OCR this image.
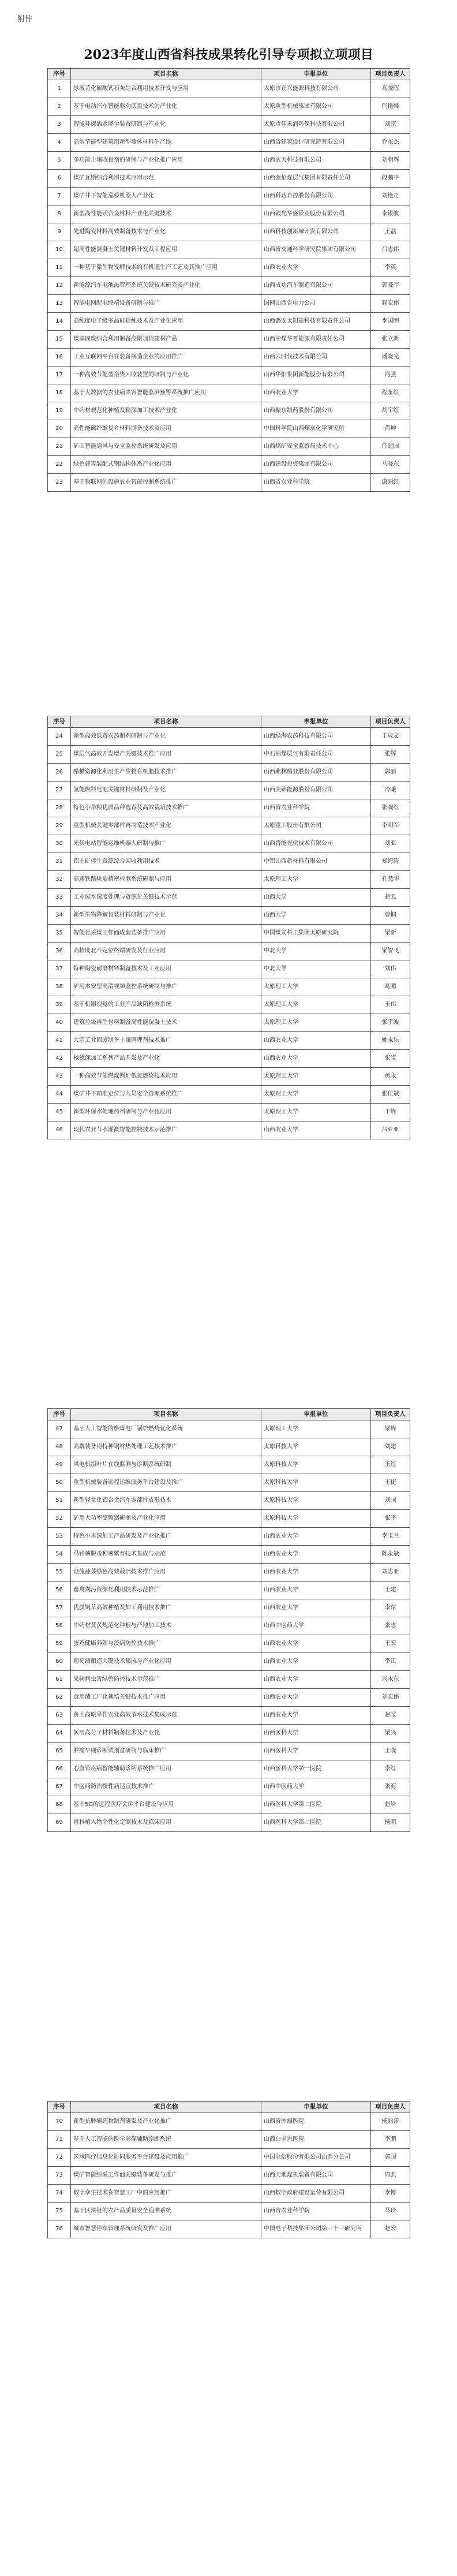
附件
2023年度山西省科技成果转化引导专项拟立项项目
序号	项目名称	申报单位	项目负责人
1	绿液苛化碳酸钙石灰综合利用技术开发与应用	太原市正兴能源科技有限公司	高晓晖
2	基于电动汽车智能驱动底盘技术的产业化	太原重型机械集团有限公司	闫艳峰
3	智能环保洒水降尘装置研制与产业化	太原市佳禾润环保科技有限公司	刘京
4	高效节能型建筑用新型墙体材料生产线	山西省建筑设计研究院有限公司	乔东杰
5	多功能土壤改良剂的研制与产业化推广应用	山西农大科技有限公司	刘朝辉
6	煤矿瓦斯综合利用技术应用示范	山西蓝焰煤层气集团有限责任公司	段鹏平
7	煤矿井下智能巡检机器人产业化	山西科达自控股份有限公司	刘艳之
8	新型高性能镁合金材料产业化关键技术	山西银光华盛镁业股份有限公司	李银波
9	先进陶瓷材料高效制备技术与产业化	山西科技创新城开发有限公司	王磊
10	超高性能混凝土关键材料开发及工程应用	山西省交通科学研究院集团有限公司	吕志伟
11	一种基于微生物发酵技术的有机肥生产工艺及其推广应用	山西农业大学	李英
12	新能源汽车电池热管理系统关键技术研究及产业化	山西成功汽车制造有限公司	郭晓宇
13	智能电网配电终端设备研制与推广	国网山西省电力公司	阎宏伟
14	高纯度电子级多晶硅提纯技术及产业化应用	山西潞安太阳能科技有限责任公司	李国明
15	煤基固废综合利用制备高附加值建材产品	山西中煤华晋能源有限责任公司	张立新
16	工业互联网平台在装备制造企业的应用推广	山西云时代技术有限公司	潘晓光
17	一种高效节能型余热回收装置的研制与产业化	山西华阳集团新能股份有限公司	冯强
18	基于大数据的农业病虫害智能监测预警系统推广应用	山西农业大学	程永红
19	中药材规范化种植及精深加工技术产业化	山西振东制药股份有限公司	胡宇红
20	高性能碳纤维复合材料制备技术及应用	中国科学院山西煤炭化学研究所	肖坤
21	矿山智能通风与安全监控系统研发及应用	山西煤矿安全监察局技术中心	任建国
22	绿色建筑装配式钢结构体系产业化应用	山西建设投资集团有限公司	马晓东
23	基于物联网的设施农业智能控制系统推广	山西省农业科学院	康丽红
序号	项目名称	申报单位	项目负责人
24	新型高效低毒农药制剂研制与产业化	山西绿海农药科技有限公司	于成文
25	煤层气高效开发增产关键技术推广应用	中石油煤层气有限责任公司	张辉
26	醋糟资源化利用生产生物有机肥技术推广	山西紫林醋业股份有限公司	郭丽
27	氢能燃料电池关键材料研制及产业化	山西美锦能源股份有限公司	冷曦
28	特色小杂粮优质品种选育及高效栽培技术推广	山西省农业科学院	张晓红
29	重型机械关键零部件再制造技术产业化	太原重工股份有限公司	李明军
30	光伏电站智能运维机器人研制与推广	山西晋能光伏技术有限公司	刘亚
31	铝土矿伴生资源综合回收利用技术	中铝山西新材料有限公司	郑海涛
32	高速铁路轨道精密检测系统研制与应用	太原理工大学	孔慧华
33	工业废水深度处理与资源化关键技术示范	山西大学	赵卫
34	新型生物降解包装材料研制与产业化	山西大学	曹桐
35	智能化采煤工作面成套装备推广应用	中国煤炭科工集团太原研究院	梁新
36	高精度北斗定位终端研发及行业应用	中北大学	梁智飞
37	特种陶瓷耐磨材料制备技术及工业应用	中北大学	刘伟
38	矿用本安型高清视频监控系统研制与推广	太原理工大学	葛鹏
39	基于机器视觉的工业产品缺陷检测系统	太原理工大学	王伟
40	建筑垃圾再生骨料制备高性能混凝土技术	太原理工大学	张宇波
41	大宗工业固废制备土壤调理剂技术推广	山西农业大学	姚永乐
42	核桃深加工系列产品开发及产业化	山西农业大学	张宝
43	一种高效节能燃煤锅炉低氮燃烧技术应用	太原理工大学	黄永
44	煤矿井下精准定位与人员安全管理系统推广	太原理工大学	张佳斌
45	新型环保水处理药剂研制与产业化应用	太原理工大学	于峰
46	现代农业节水灌溉智能控制技术示范推广	山西农业大学	吕亚亚
序号	项目名称	申报单位	项目负责人
47	基于人工智能的燃煤电厂锅炉燃烧优化系统	太原理工大学	梁峰
48	高端装备用特种钢材热处理工艺技术推广	太原科技大学	刘建
49	风电机组叶片在线监测与诊断系统研制	太原科技大学	王红
50	重型机械装备远程运维服务平台建设及推广	太原科技大学	王捷
51	新型轻量化铝合金汽车零部件成形技术	太原科技大学	刘国
52	矿用大功率变频器研制及产业化应用	太原科技大学	张平
53	特色小米深加工产品研发及产业化推广	山西农业大学	李玉兰
54	马铃薯脱毒种薯繁育技术集成与示范	山西农业大学	陈永斌
55	设施蔬菜绿色高效栽培技术推广应用	山西农业大学	刘志亚
56	畜禽粪污资源化利用技术示范推广	山西农业大学	王建
57	优质饲草高效种植及加工利用技术推广	山西农业大学	李东
58	中药材黄芪规范化种植与产地加工技术	山西中医药大学	张志
59	蛋鸡健康养殖与疫病防控技术推广	山西农业大学	王宏
60	葡萄酒酿造关键技术集成与产业化应用	山西农业大学	李江
61	果树病虫害绿色防控技术示范推广	山西农业大学	冯永东
62	食用菌工厂化栽培关键技术推广应用	山西农业大学	刘宏伟
63	黄土高原旱作农业高效节水技术集成示范	山西农业大学	赵宝
64	医用高分子材料制备技术及产业化	山西医科大学	梁兴
65	肿瘤早期诊断试剂盒研制与临床推广	山西医科大学	王晓
66	心血管疾病智能辅助诊断系统推广应用	山西医科大学第一医院	李红
67	中医药防治慢性病适宜技术推广	山西中医药大学	张海
68	基于5G的远程医疗会诊平台建设与应用	山西医科大学第二医院	赵岩
69	骨科植入物个性化定制技术及临床应用	山西医科大学第二医院	杨明
序号	项目名称	申报单位	项目负责人
70	新型抗肿瘤药物制剂研发及产业化推广	山西省肿瘤医院	杨丽莎
71	基于人工智能的医学影像辅助诊断系统	山西白求恩医院	李鹏
72	区域医疗信息化协同服务平台建设及应用推广	中国电信股份有限公司山西分公司	郭国
73	煤矿智能综采工作面关键装备研发与推广	山西天地煤机装备有限公司	周凯
74	数字孪生技术在智慧工厂中的应用推广	山西数字政府建设运营有限公司	李博
75	基于区块链的农产品质量安全追溯系统	山西省农业科学院	马玲
76	城市智慧停车管理系统研发及推广应用	中国电子科技集团公司第三十三研究所	赵宏
